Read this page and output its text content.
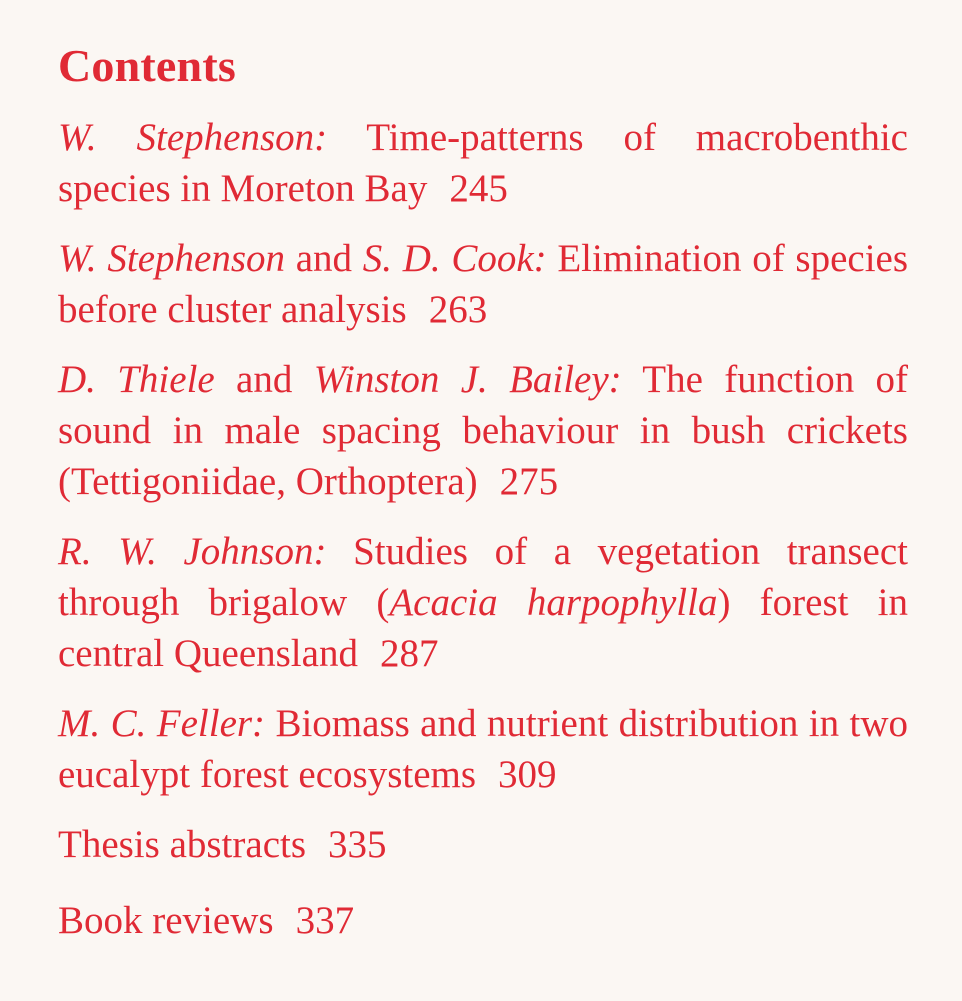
Contents

W. Stephenson: Time-patterns of macrobenthic species in Moreton Bay 245

W. Stephenson and S. D. Cook: Elimination of species before cluster analysis 263

D. Thiele and Winston J. Bailey: The function of sound in male spacing behaviour in bush crickets (Tettigoniidae, Orthoptera) 275

R. W. Johnson: Studies of a vegetation transect through brigalow (Acacia harpophylla) forest in central Queensland 287

M. C. Feller: Biomass and nutrient distribution in two eucalypt forest ecosystems 309

Thesis abstracts 335

Book reviews 337
